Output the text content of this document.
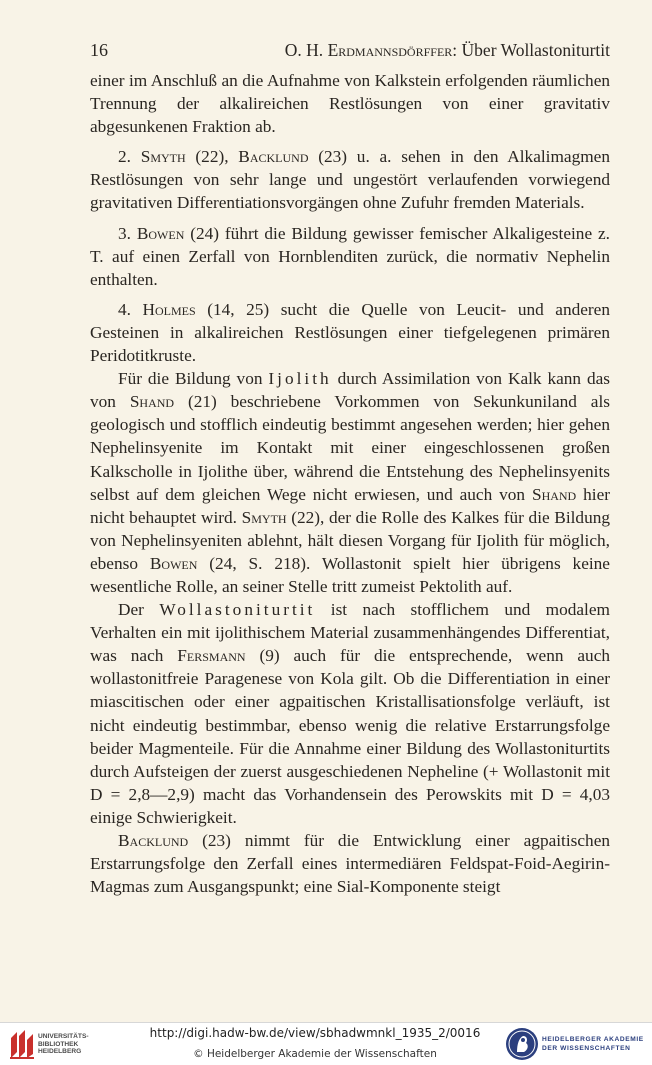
16	O. H. Erdmannsdörffer: Über Wollastoniturtit

einer im Anschluß an die Aufnahme von Kalkstein erfolgenden räumlichen Trennung der alkalireichen Restlösungen von einer gravitativ abgesunkenen Fraktion ab.

2. Smyth (22), Backlund (23) u. a. sehen in den Alkalimagmen Restlösungen von sehr lange und ungestört verlaufenden vorwiegend gravitativen Differentiationsvorgängen ohne Zufuhr fremden Materials.

3. Bowen (24) führt die Bildung gewisser femischer Alkaligesteine z. T. auf einen Zerfall von Hornblenditen zurück, die normativ Nephelin enthalten.

4. Holmes (14, 25) sucht die Quelle von Leucit- und anderen Gesteinen in alkalireichen Restlösungen einer tiefgelegenen primären Peridotitkruste.

Für die Bildung von Ijolith durch Assimilation von Kalk kann das von Shand (21) beschriebene Vorkommen von Sekunkuniland als geologisch und stofflich eindeutig bestimmt angesehen werden; hier gehen Nephelinsyenite im Kontakt mit einer eingeschlossenen großen Kalkscholle in Ijolithe über, während die Entstehung des Nephelinsyenits selbst auf dem gleichen Wege nicht erwiesen, und auch von Shand hier nicht behauptet wird. Smyth (22), der die Rolle des Kalkes für die Bildung von Nephelinsyeniten ablehnt, hält diesen Vorgang für Ijolith für möglich, ebenso Bowen (24, S. 218). Wollastonit spielt hier übrigens keine wesentliche Rolle, an seiner Stelle tritt zumeist Pektolith auf.

Der Wollastoniturtit ist nach stofflichem und modalem Verhalten ein mit ijolithischem Material zusammenhängendes Differentiat, was nach Fersmann (9) auch für die entsprechende, wenn auch wollastonitfreie Paragenese von Kola gilt. Ob die Differentiation in einer miascitischen oder einer agpaitischen Kristallisationsfolge verläuft, ist nicht eindeutig bestimmbar, ebenso wenig die relative Erstarrungsfolge beider Magmenteile. Für die Annahme einer Bildung des Wollastoniturtits durch Aufsteigen der zuerst ausgeschiedenen Nepheline (+ Wollastonit mit D = 2,8—2,9) macht das Vorhandensein des Perowskits mit D = 4,03 einige Schwierigkeit.

Backlund (23) nimmt für die Entwicklung einer agpaitischen Erstarrungsfolge den Zerfall eines intermediären Feldspat-Foid-Aegirin-Magmas zum Ausgangspunkt; eine Sial-Komponente steigt

UNIVERSITÄTS-
BIBLIOTHEK
HEIDELBERG
http://digi.hadw-bw.de/view/sbhadwmnkl_1935_2/0016
© Heidelberger Akademie der Wissenschaften
HEIDELBERGER AKADEMIE
DER WISSENSCHAFTEN
